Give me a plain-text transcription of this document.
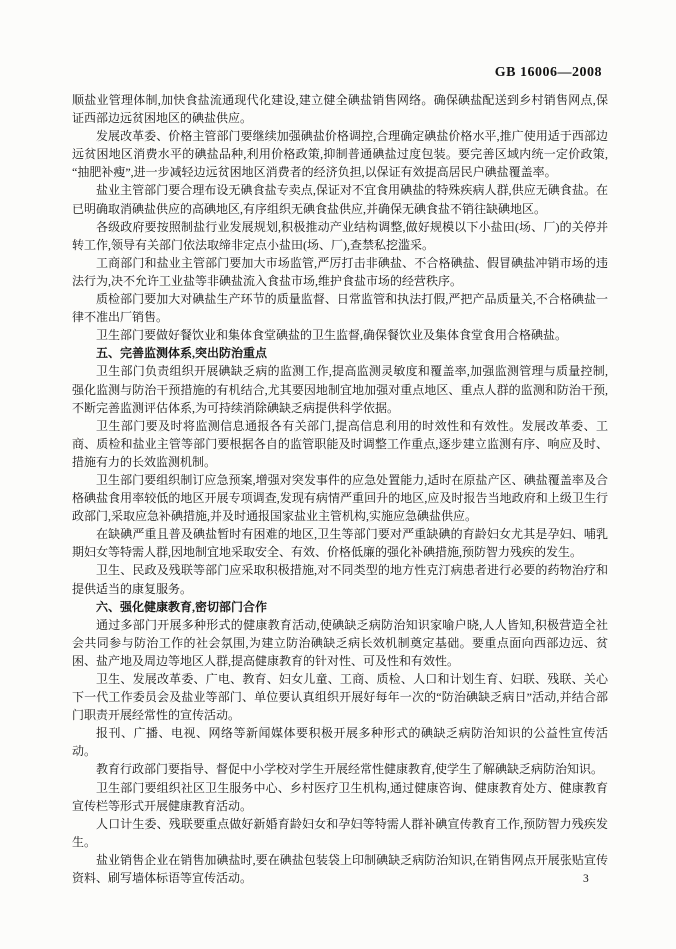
GB 16006—2008

顺盐业管理体制,加快食盐流通现代化建设,建立健全碘盐销售网络。确保碘盐配送到乡村销售网点,保证西部边远贫困地区的碘盐供应。

发展改革委、价格主管部门要继续加强碘盐价格调控,合理确定碘盐价格水平,推广使用适于西部边远贫困地区消费水平的碘盐品种,利用价格政策,抑制普通碘盐过度包装。要完善区域内统一定价政策,“抽肥补瘦”,进一步减轻边远贫困地区消费者的经济负担,以保证有效提高居民户碘盐覆盖率。

盐业主管部门要合理布设无碘食盐专卖点,保证对不宜食用碘盐的特殊疾病人群,供应无碘食盐。在已明确取消碘盐供应的高碘地区,有序组织无碘食盐供应,并确保无碘食盐不销往缺碘地区。

各级政府要按照制盐行业发展规划,积极推动产业结构调整,做好规模以下小盐田(场、厂)的关停并转工作,领导有关部门依法取缔非定点小盐田(场、厂),查禁私挖滥采。

工商部门和盐业主管部门要加大市场监管,严厉打击非碘盐、不合格碘盐、假冒碘盐冲销市场的违法行为,决不允许工业盐等非碘盐流入食盐市场,维护食盐市场的经营秩序。

质检部门要加大对碘盐生产环节的质量监督、日常监管和执法打假,严把产品质量关,不合格碘盐一律不准出厂销售。

卫生部门要做好餐饮业和集体食堂碘盐的卫生监督,确保餐饮业及集体食堂食用合格碘盐。

五、完善监测体系,突出防治重点

卫生部门负责组织开展碘缺乏病的监测工作,提高监测灵敏度和覆盖率,加强监测管理与质量控制,强化监测与防治干预措施的有机结合,尤其要因地制宜地加强对重点地区、重点人群的监测和防治干预,不断完善监测评估体系,为可持续消除碘缺乏病提供科学依据。

卫生部门要及时将监测信息通报各有关部门,提高信息利用的时效性和有效性。发展改革委、工商、质检和盐业主管等部门要根据各自的监管职能及时调整工作重点,逐步建立监测有序、响应及时、措施有力的长效监测机制。

卫生部门要组织制订应急预案,增强对突发事件的应急处置能力,适时在原盐产区、碘盐覆盖率及合格碘盐食用率较低的地区开展专项调查,发现有病情严重回升的地区,应及时报告当地政府和上级卫生行政部门,采取应急补碘措施,并及时通报国家盐业主管机构,实施应急碘盐供应。

在缺碘严重且普及碘盐暂时有困难的地区,卫生等部门要对严重缺碘的育龄妇女尤其是孕妇、哺乳期妇女等特需人群,因地制宜地采取安全、有效、价格低廉的强化补碘措施,预防智力残疾的发生。

卫生、民政及残联等部门应采取积极措施,对不同类型的地方性克汀病患者进行必要的药物治疗和提供适当的康复服务。

六、强化健康教育,密切部门合作

通过多部门开展多种形式的健康教育活动,使碘缺乏病防治知识家喻户晓,人人皆知,积极营造全社会共同参与防治工作的社会氛围,为建立防治碘缺乏病长效机制奠定基础。要重点面向西部边远、贫困、盐产地及周边等地区人群,提高健康教育的针对性、可及性和有效性。

卫生、发展改革委、广电、教育、妇女儿童、工商、质检、人口和计划生育、妇联、残联、关心下一代工作委员会及盐业等部门、单位要认真组织开展好每年一次的“防治碘缺乏病日”活动,并结合部门职责开展经常性的宣传活动。

报刊、广播、电视、网络等新闻媒体要积极开展多种形式的碘缺乏病防治知识的公益性宣传活动。

教育行政部门要指导、督促中小学校对学生开展经常性健康教育,使学生了解碘缺乏病防治知识。

卫生部门要组织社区卫生服务中心、乡村医疗卫生机构,通过健康咨询、健康教育处方、健康教育宣传栏等形式开展健康教育活动。

人口计生委、残联要重点做好新婚育龄妇女和孕妇等特需人群补碘宣传教育工作,预防智力残疾发生。

盐业销售企业在销售加碘盐时,要在碘盐包装袋上印制碘缺乏病防治知识,在销售网点开展张贴宣传资料、刷写墙体标语等宣传活动。	3
